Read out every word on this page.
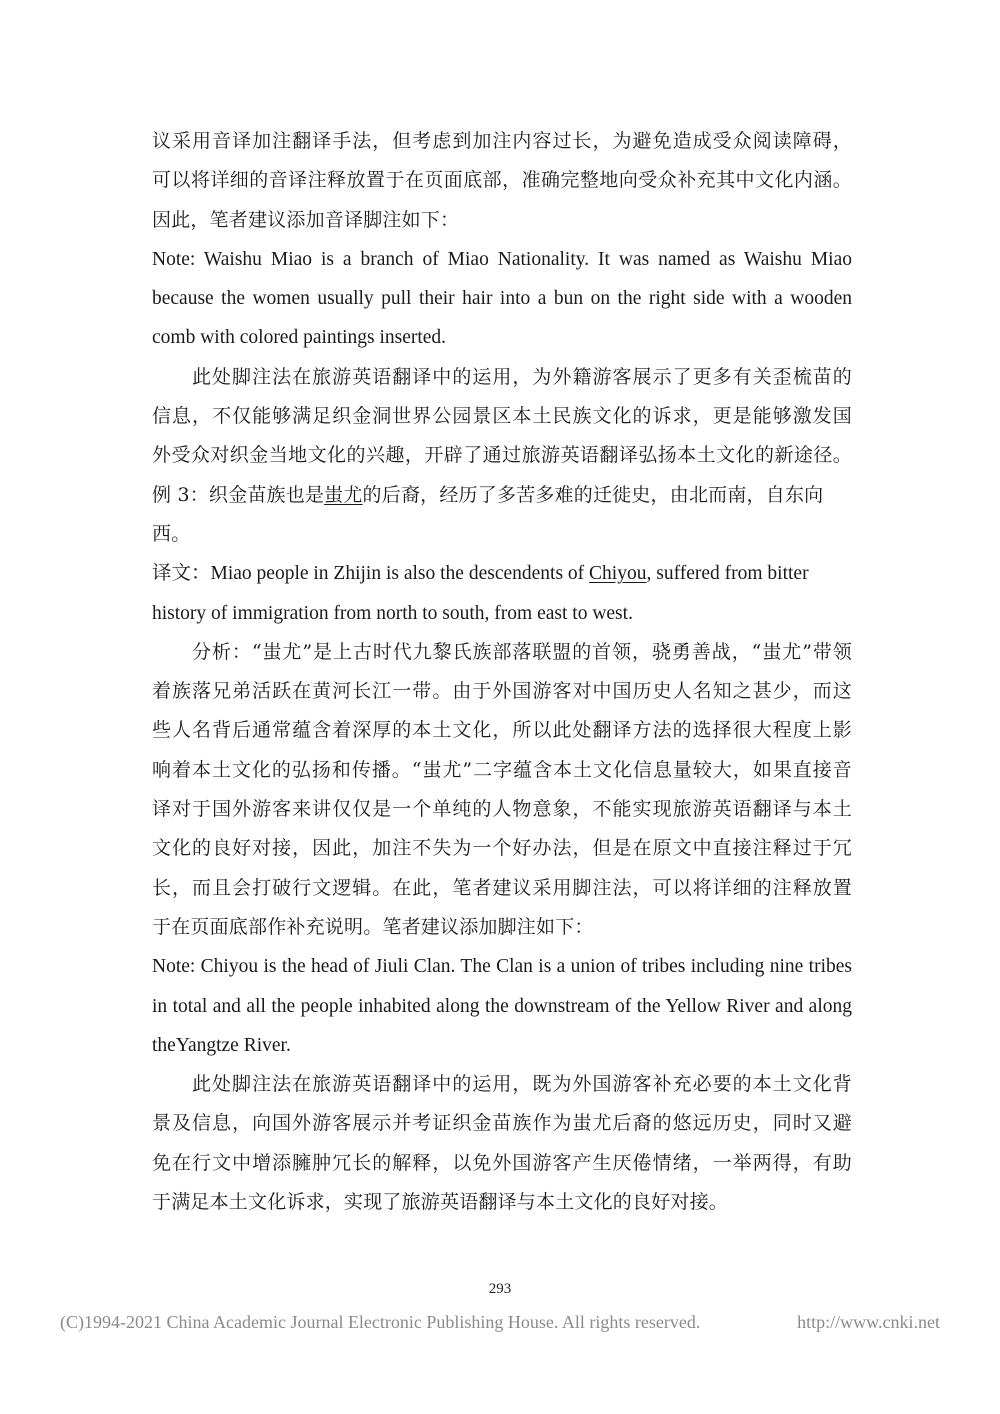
议采用音译加注翻译手法，但考虑到加注内容过长，为避免造成受众阅读障碍，
可以将详细的音译注释放置于在页面底部，准确完整地向受众补充其中文化内涵。
因此，笔者建议添加音译脚注如下：
Note: Waishu Miao is a branch of Miao Nationality. It was named as Waishu Miao
because the women usually pull their hair into a bun on the right side with a wooden
comb with colored paintings inserted.
此处脚注法在旅游英语翻译中的运用，为外籍游客展示了更多有关歪梳苗的
信息，不仅能够满足织金洞世界公园景区本土民族文化的诉求，更是能够激发国
外受众对织金当地文化的兴趣，开辟了通过旅游英语翻译弘扬本土文化的新途径。
例 3：织金苗族也是蚩尤的后裔，经历了多苦多难的迁徙史，由北而南，自东向
西。
译文：Miao people in Zhijin is also the descendents of Chiyou, suffered from bitter
history of immigration from north to south, from east to west.
分析：“蚩尤”是上古时代九黎氏族部落联盟的首领，骁勇善战，“蚩尤”带领
着族落兄弟活跃在黄河长江一带。由于外国游客对中国历史人名知之甚少，而这
些人名背后通常蕴含着深厚的本土文化，所以此处翻译方法的选择很大程度上影
响着本土文化的弘扬和传播。“蚩尤”二字蕴含本土文化信息量较大，如果直接音
译对于国外游客来讲仅仅是一个单纯的人物意象，不能实现旅游英语翻译与本土
文化的良好对接，因此，加注不失为一个好办法，但是在原文中直接注释过于冗
长，而且会打破行文逻辑。在此，笔者建议采用脚注法，可以将详细的注释放置
于在页面底部作补充说明。笔者建议添加脚注如下：
Note: Chiyou is the head of Jiuli Clan. The Clan is a union of tribes including nine tribes
in total and all the people inhabited along the downstream of the Yellow River and along
theYangtze River.
此处脚注法在旅游英语翻译中的运用，既为外国游客补充必要的本土文化背
景及信息，向国外游客展示并考证织金苗族作为蚩尤后裔的悠远历史，同时又避
免在行文中增添臃肿冗长的解释，以免外国游客产生厌倦情绪，一举两得，有助
于满足本土文化诉求，实现了旅游英语翻译与本土文化的良好对接。
293
(C)1994-2021 China Academic Journal Electronic Publishing House. All rights reserved.	http://www.cnki.net
